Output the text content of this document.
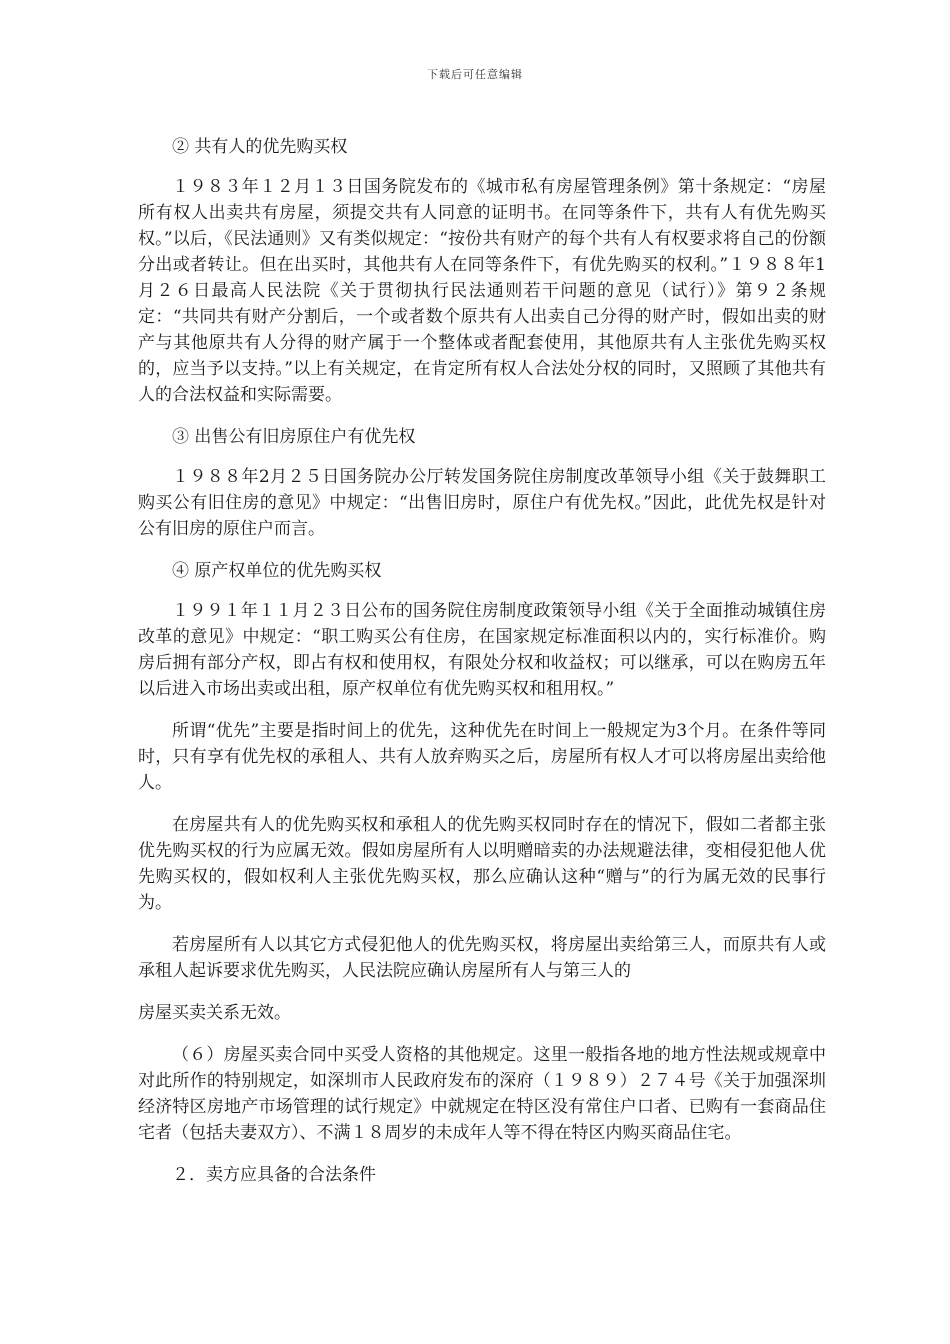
下载后可任意编辑

② 共有人的优先购买权

１９８３年１２月１３日国务院发布的《城市私有房屋管理条例》第十条规定：“房屋所有权人出卖共有房屋，须提交共有人同意的证明书。在同等条件下，共有人有优先购买权。”以后，《民法通则》又有类似规定：“按份共有财产的每个共有人有权要求将自己的份额分出或者转让。但在出买时，其他共有人在同等条件下，有优先购买的权利。”１９８８年1月２６日最高人民法院《关于贯彻执行民法通则若干问题的意见（试行）》第９２条规定：“共同共有财产分割后，一个或者数个原共有人出卖自己分得的财产时，假如出卖的财产与其他原共有人分得的财产属于一个整体或者配套使用，其他原共有人主张优先购买权的，应当予以支持。”以上有关规定，在肯定所有权人合法处分权的同时，又照顾了其他共有人的合法权益和实际需要。

③ 出售公有旧房原住户有优先权

１９８８年2月２５日国务院办公厅转发国务院住房制度改革领导小组《关于鼓舞职工购买公有旧住房的意见》中规定：“出售旧房时，原住户有优先权。”因此，此优先权是针对公有旧房的原住户而言。

④ 原产权单位的优先购买权

１９９１年１１月２３日公布的国务院住房制度政策领导小组《关于全面推动城镇住房改革的意见》中规定：“职工购买公有住房，在国家规定标准面积以内的，实行标准价。购房后拥有部分产权，即占有权和使用权，有限处分权和收益权；可以继承，可以在购房五年以后进入市场出卖或出租，原产权单位有优先购买权和租用权。”

所谓“优先”主要是指时间上的优先，这种优先在时间上一般规定为3个月。在条件等同时，只有享有优先权的承租人、共有人放弃购买之后，房屋所有权人才可以将房屋出卖给他人。

在房屋共有人的优先购买权和承租人的优先购买权同时存在的情况下，假如二者都主张优先购买权的行为应属无效。假如房屋所有人以明赠暗卖的办法规避法律，变相侵犯他人优先购买权的，假如权利人主张优先购买权，那么应确认这种“赠与”的行为属无效的民事行为。

若房屋所有人以其它方式侵犯他人的优先购买权，将房屋出卖给第三人，而原共有人或承租人起诉要求优先购买，人民法院应确认房屋所有人与第三人的

房屋买卖关系无效。

（６）房屋买卖合同中买受人资格的其他规定。这里一般指各地的地方性法规或规章中对此所作的特别规定，如深圳市人民政府发布的深府（１９８９）２７４号《关于加强深圳经济特区房地产市场管理的试行规定》中就规定在特区没有常住户口者、已购有一套商品住宅者（包括夫妻双方）、不满１８周岁的未成年人等不得在特区内购买商品住宅。

２．卖方应具备的合法条件
